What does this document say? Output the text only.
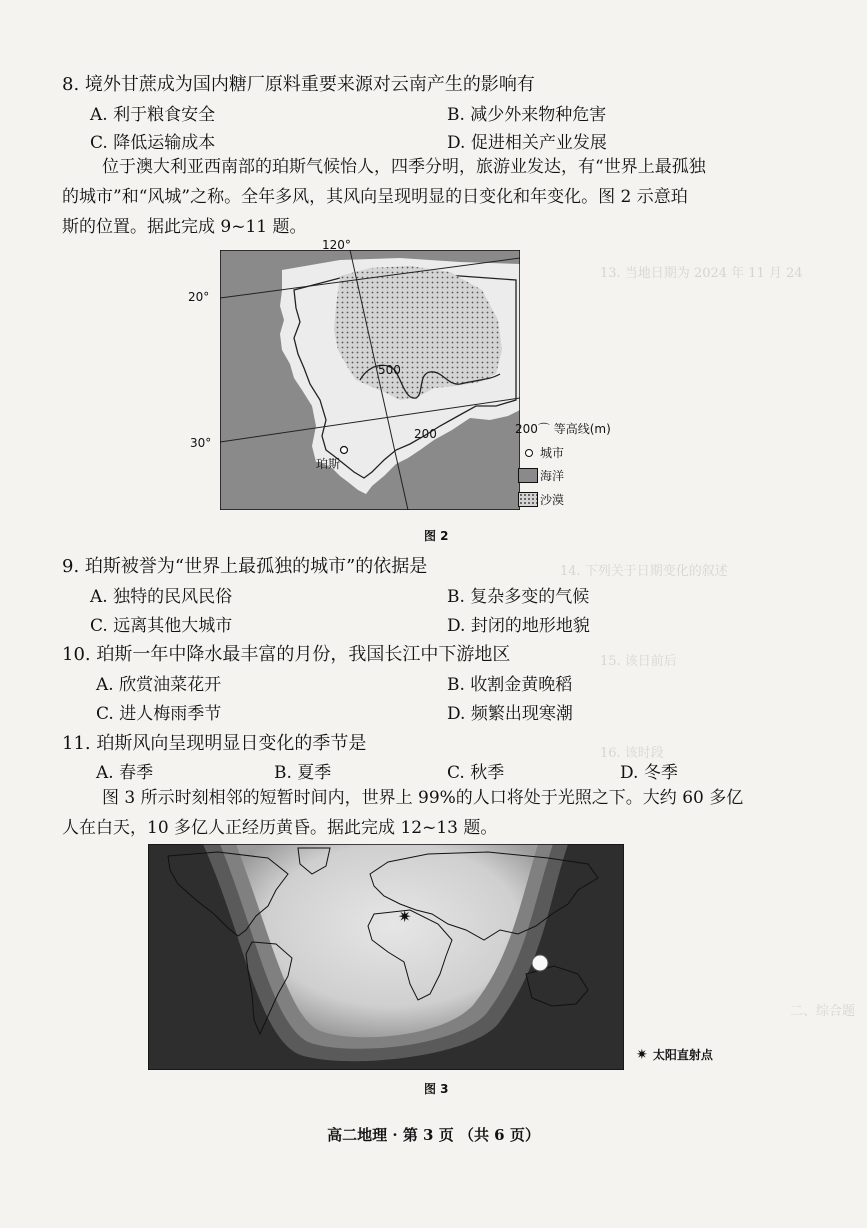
13. 当地日期为 2024 年 11 月 24
14. 下列关于日期变化的叙述
15. 该日前后
16. 该时段
二、综合题
8. 境外甘蔗成为国内糖厂原料重要来源对云南产生的影响有
A. 利于粮食安全	B. 减少外来物种危害
C. 降低运输成本	D. 促进相关产业发展
位于澳大利亚西南部的珀斯气候怡人，四季分明，旅游业发达，有“世界上最孤独
的城市”和“风城”之称。全年多风，其风向呈现明显的日变化和年变化。图 2 示意珀
斯的位置。据此完成 9~11 题。
珀斯
500
200
120°
20°
30°
200⌒ 等高线(m)
城市
海洋
沙漠
图 2
9. 珀斯被誉为“世界上最孤独的城市”的依据是
A. 独特的民风民俗	B. 复杂多变的气候
C. 远离其他大城市	D. 封闭的地形地貌
10. 珀斯一年中降水最丰富的月份，我国长江中下游地区
A. 欣赏油菜花开	B. 收割金黄晚稻
C. 进人梅雨季节	D. 频繁出现寒潮
11. 珀斯风向呈现明显日变化的季节是
A. 春季	B. 夏季	C. 秋季	D. 冬季
图 3 所示时刻相邻的短暂时间内，世界上 99%的人口将处于光照之下。大约 60 多亿
人在白天，10 多亿人正经历黄昏。据此完成 12~13 题。
✷
✷ 太阳直射点
图 3
高二地理 · 第 3 页 （共 6 页）
